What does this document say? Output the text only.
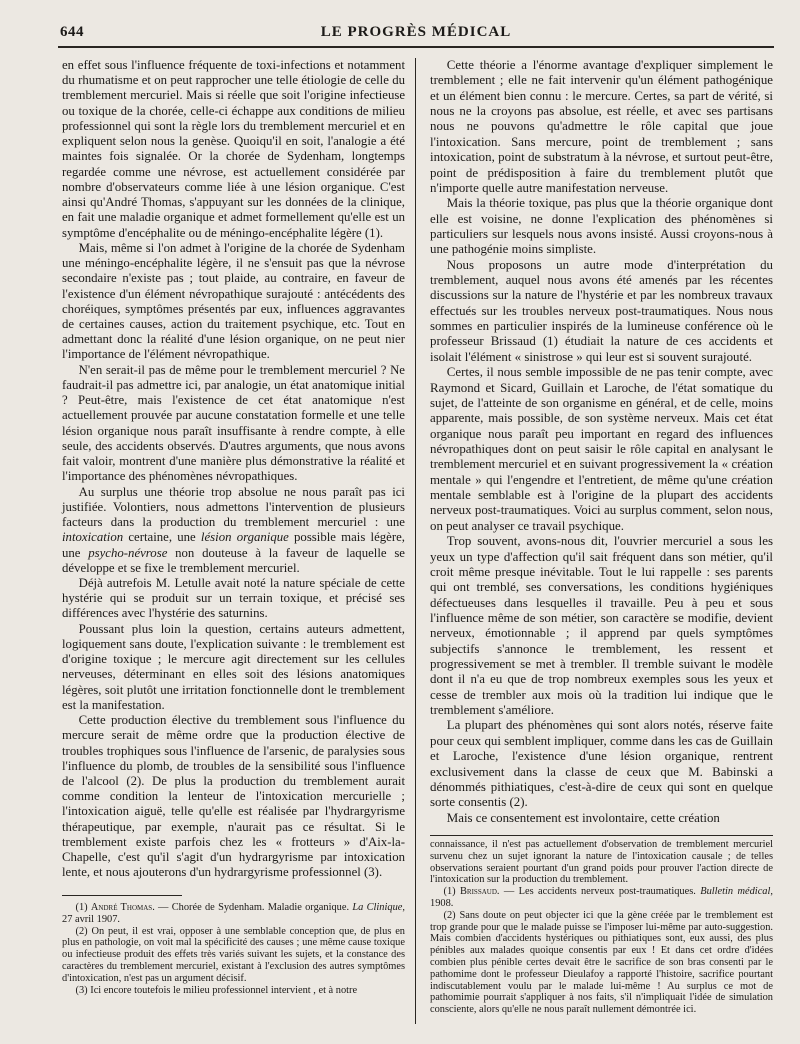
644	LE PROGRÈS MÉDICAL

en effet sous l'influence fréquente de toxi-infections et notamment du rhumatisme et on peut rapprocher une telle étiologie de celle du tremblement mercuriel. Mais si réelle que soit l'origine infectieuse ou toxique de la chorée, celle-ci échappe aux conditions de milieu professionnel qui sont la règle lors du tremblement mercuriel et en expliquent selon nous la genèse. Quoiqu'il en soit, l'analogie a été maintes fois signalée. Or la chorée de Sydenham, longtemps regardée comme une névrose, est actuellement considérée par nombre d'observateurs comme liée à une lésion organique. C'est ainsi qu'André Thomas, s'appuyant sur les données de la clinique, en fait une maladie organique et admet formellement qu'elle est un symptôme d'encéphalite ou de méningo-encéphalite légère (1).

Mais, même si l'on admet à l'origine de la chorée de Sydenham une méningo-encéphalite légère, il ne s'ensuit pas que la névrose secondaire n'existe pas ; tout plaide, au contraire, en faveur de l'existence d'un élément névropathique surajouté : antécédents des choréiques, symptômes présentés par eux, influences aggravantes de certaines causes, action du traitement psychique, etc. Tout en admettant donc la réalité d'une lésion organique, on ne peut nier l'importance de l'élément névropathique.

N'en serait-il pas de même pour le tremblement mercuriel ? Ne faudrait-il pas admettre ici, par analogie, un état anatomique initial ? Peut-être, mais l'existence de cet état anatomique n'est actuellement prouvée par aucune constatation formelle et une telle lésion organique nous paraît insuffisante à rendre compte, à elle seule, des accidents observés. D'autres arguments, que nous avons fait valoir, montrent d'une manière plus démonstrative la réalité et l'importance des phénomènes névropathiques.

Au surplus une théorie trop absolue ne nous paraît pas ici justifiée. Volontiers, nous admettons l'intervention de plusieurs facteurs dans la production du tremblement mercuriel : une intoxication certaine, une lésion organique possible mais légère, une psycho-névrose non douteuse à la faveur de laquelle se développe et se fixe le tremblement mercuriel.

Déjà autrefois M. Letulle avait noté la nature spéciale de cette hystérie qui se produit sur un terrain toxique, et précisé ses différences avec l'hystérie des saturnins.

Poussant plus loin la question, certains auteurs admettent, logiquement sans doute, l'explication suivante : le tremblement est d'origine toxique ; le mercure agit directement sur les cellules nerveuses, déterminant en elles soit des lésions anatomiques légères, soit plutôt une irritation fonctionnelle dont le tremblement est la manifestation.

Cette production élective du tremblement sous l'influence du mercure serait de même ordre que la production élective de troubles trophiques sous l'influence de l'arsenic, de paralysies sous l'influence du plomb, de troubles de la sensibilité sous l'influence de l'alcool (2). De plus la production du tremblement aurait comme condition la lenteur de l'intoxication mercurielle ; l'intoxication aiguë, telle qu'elle est réalisée par l'hydrargyrisme thérapeutique, par exemple, n'aurait pas ce résultat. Si le tremblement existe parfois chez les « frotteurs » d'Aix-la-Chapelle, c'est qu'il s'agit d'un hydrargyrisme par intoxication lente, et nous ajouterons d'un hydrargyrisme professionnel (3).

(1) André Thomas. — Chorée de Sydenham. Maladie organique. La Clinique, 27 avril 1907.

(2) On peut, il est vrai, opposer à une semblable conception que, de plus en plus en pathologie, on voit mal la spécificité des causes ; une même cause toxique ou infectieuse produit des effets très variés suivant les sujets, et la constance des caractères du tremblement mercuriel, existant à l'exclusion des autres symptômes d'intoxication, n'est pas un argument décisif.

(3) Ici encore toutefois le milieu professionnel intervient , et à notre

Cette théorie a l'énorme avantage d'expliquer simplement le tremblement ; elle ne fait intervenir qu'un élément pathogénique et un élément bien connu : le mercure. Certes, sa part de vérité, si nous ne la croyons pas absolue, est réelle, et avec ses partisans nous ne pouvons qu'admettre le rôle capital que joue l'intoxication. Sans mercure, point de tremblement ; sans intoxication, point de substratum à la névrose, et surtout peut-être, point de prédisposition à faire du tremblement plutôt que n'importe quelle autre manifestation nerveuse.

Mais la théorie toxique, pas plus que la théorie organique dont elle est voisine, ne donne l'explication des phénomènes si particuliers sur lesquels nous avons insisté. Aussi croyons-nous à une pathogénie moins simpliste.

Nous proposons un autre mode d'interprétation du tremblement, auquel nous avons été amenés par les récentes discussions sur la nature de l'hystérie et par les nombreux travaux effectués sur les troubles nerveux post-traumatiques. Nous nous sommes en particulier inspirés de la lumineuse conférence où le professeur Brissaud (1) étudiait la nature de ces accidents et isolait l'élément « sinistrose » qui leur est si souvent surajouté.

Certes, il nous semble impossible de ne pas tenir compte, avec Raymond et Sicard, Guillain et Laroche, de l'état somatique du sujet, de l'atteinte de son organisme en général, et de celle, moins apparente, mais possible, de son système nerveux. Mais cet état organique nous paraît peu important en regard des influences névropathiques dont on peut saisir le rôle capital en analysant le tremblement mercuriel et en suivant progressivement la « création mentale » qui l'engendre et l'entretient, de même qu'une création mentale semblable est à l'origine de la plupart des accidents nerveux post-traumatiques. Voici au surplus comment, selon nous, on peut analyser ce travail psychique.

Trop souvent, avons-nous dit, l'ouvrier mercuriel a sous les yeux un type d'affection qu'il sait fréquent dans son métier, qu'il croit même presque inévitable. Tout le lui rappelle : ses parents qui ont tremblé, ses conversations, les conditions hygiéniques défectueuses dans lesquelles il travaille. Peu à peu et sous l'influence même de son métier, son caractère se modifie, devient nerveux, émotionnable ; il apprend par quels symptômes subjectifs s'annonce le tremblement, les ressent et progressivement se met à trembler. Il tremble suivant le modèle dont il n'a eu que de trop nombreux exemples sous les yeux et cesse de trembler aux mois où la tradition lui indique que le tremblement s'améliore.

La plupart des phénomènes qui sont alors notés, réserve faite pour ceux qui semblent impliquer, comme dans les cas de Guillain et Laroche, l'existence d'une lésion organique, rentrent exclusivement dans la classe de ceux que M. Babinski a dénommés pithiatiques, c'est-à-dire de ceux qui sont en quelque sorte consentis (2).

Mais ce consentement est involontaire, cette création

connaissance, il n'est pas actuellement d'observation de tremblement mercuriel survenu chez un sujet ignorant la nature de l'intoxication causale ; de telles observations seraient pourtant d'un grand poids pour prouver l'action directe de l'intoxication sur la production du tremblement.

(1) Brissaud. — Les accidents nerveux post-traumatiques. Bulletin médical, 1908.

(2) Sans doute on peut objecter ici que la gène créée par le tremblement est trop grande pour que le malade puisse se l'imposer lui-même par auto-suggestion. Mais combien d'accidents hystériques ou pithiatiques sont, eux aussi, des plus pénibles aux malades quoique consentis par eux ! Et dans cet ordre d'idées combien plus pénible certes devait être le sacrifice de son bras consenti par le pathomime dont le professeur Dieulafoy a rapporté l'histoire, sacrifice pourtant indiscutablement voulu par le malade lui-même ! Au surplus ce mot de pathomimie pourrait s'appliquer à nos faits, s'il n'impliquait l'idée de simulation consciente, alors qu'elle ne nous paraît nullement démontrée ici.
